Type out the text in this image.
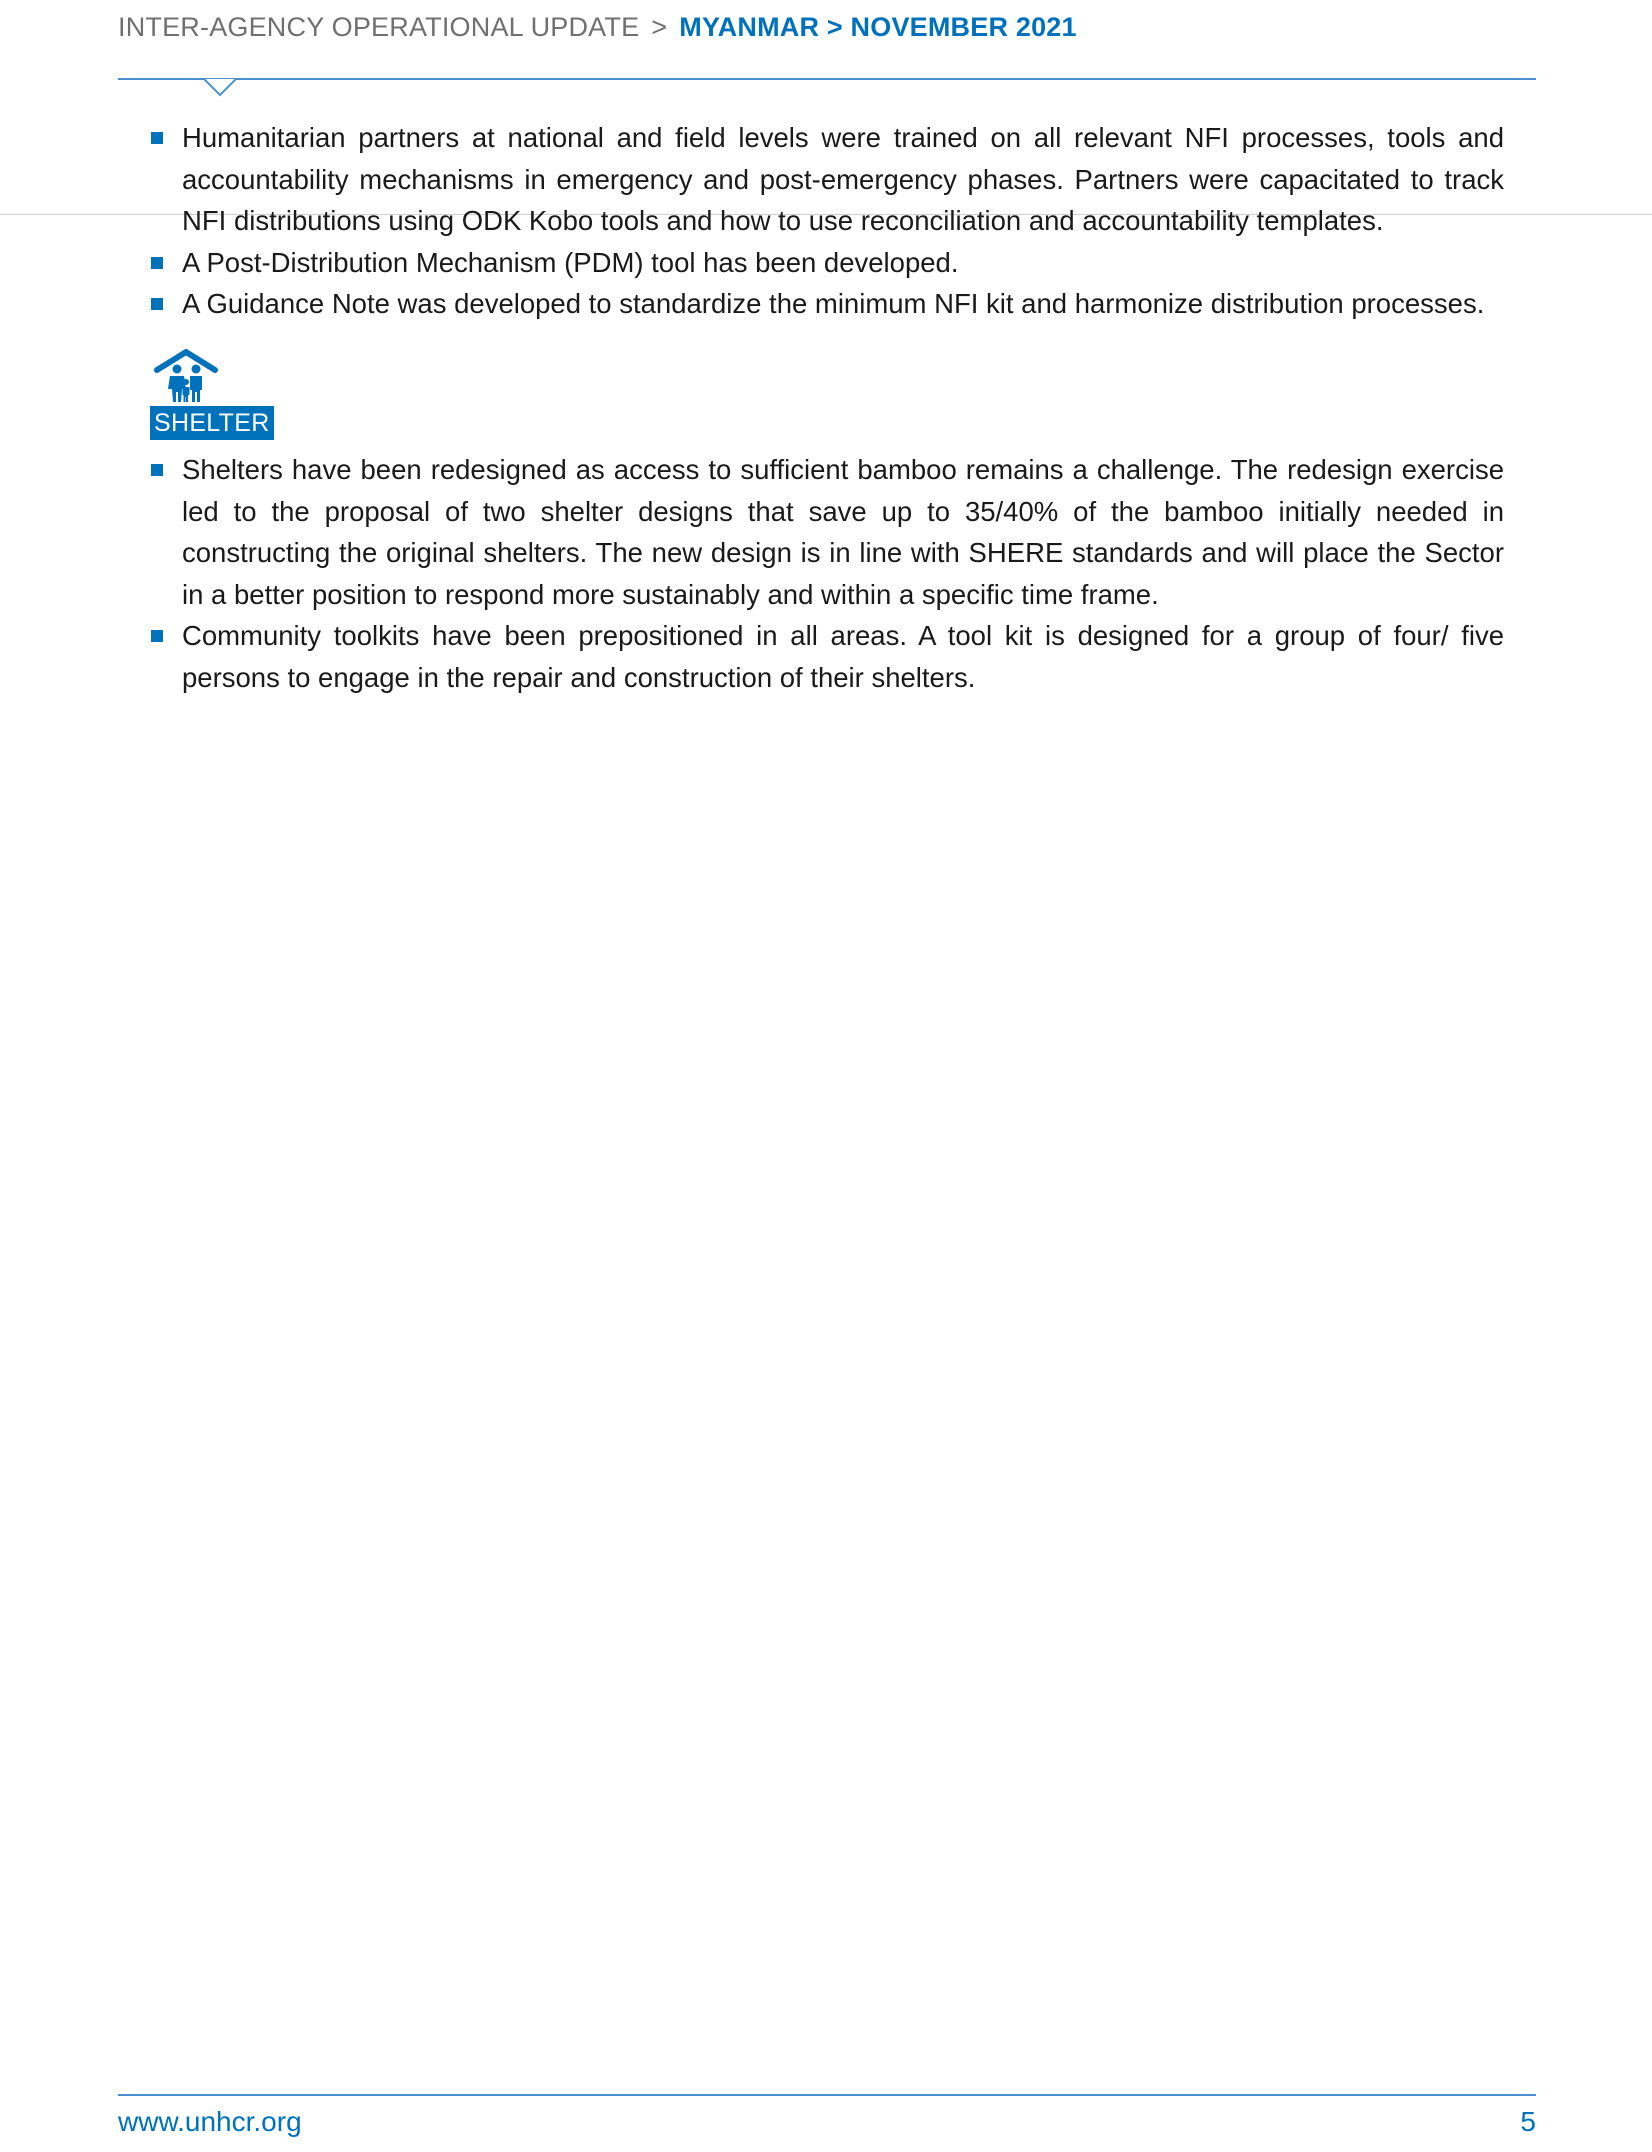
INTER-AGENCY OPERATIONAL UPDATE > MYANMAR > NOVEMBER 2021
Humanitarian partners at national and field levels were trained on all relevant NFI processes, tools and accountability mechanisms in emergency and post-emergency phases. Partners were capacitated to track NFI distributions using ODK Kobo tools and how to use reconciliation and accountability templates.
A Post-Distribution Mechanism (PDM) tool has been developed.
A Guidance Note was developed to standardize the minimum NFI kit and harmonize distribution processes.
SHELTER
Shelters have been redesigned as access to sufficient bamboo remains a challenge. The redesign exercise led to the proposal of two shelter designs that save up to 35/40% of the bamboo initially needed in constructing the original shelters. The new design is in line with SHERE standards and will place the Sector in a better position to respond more sustainably and within a specific time frame.
Community toolkits have been prepositioned in all areas. A tool kit is designed for a group of four/ five persons to engage in the repair and construction of their shelters.
www.unhcr.org	5
